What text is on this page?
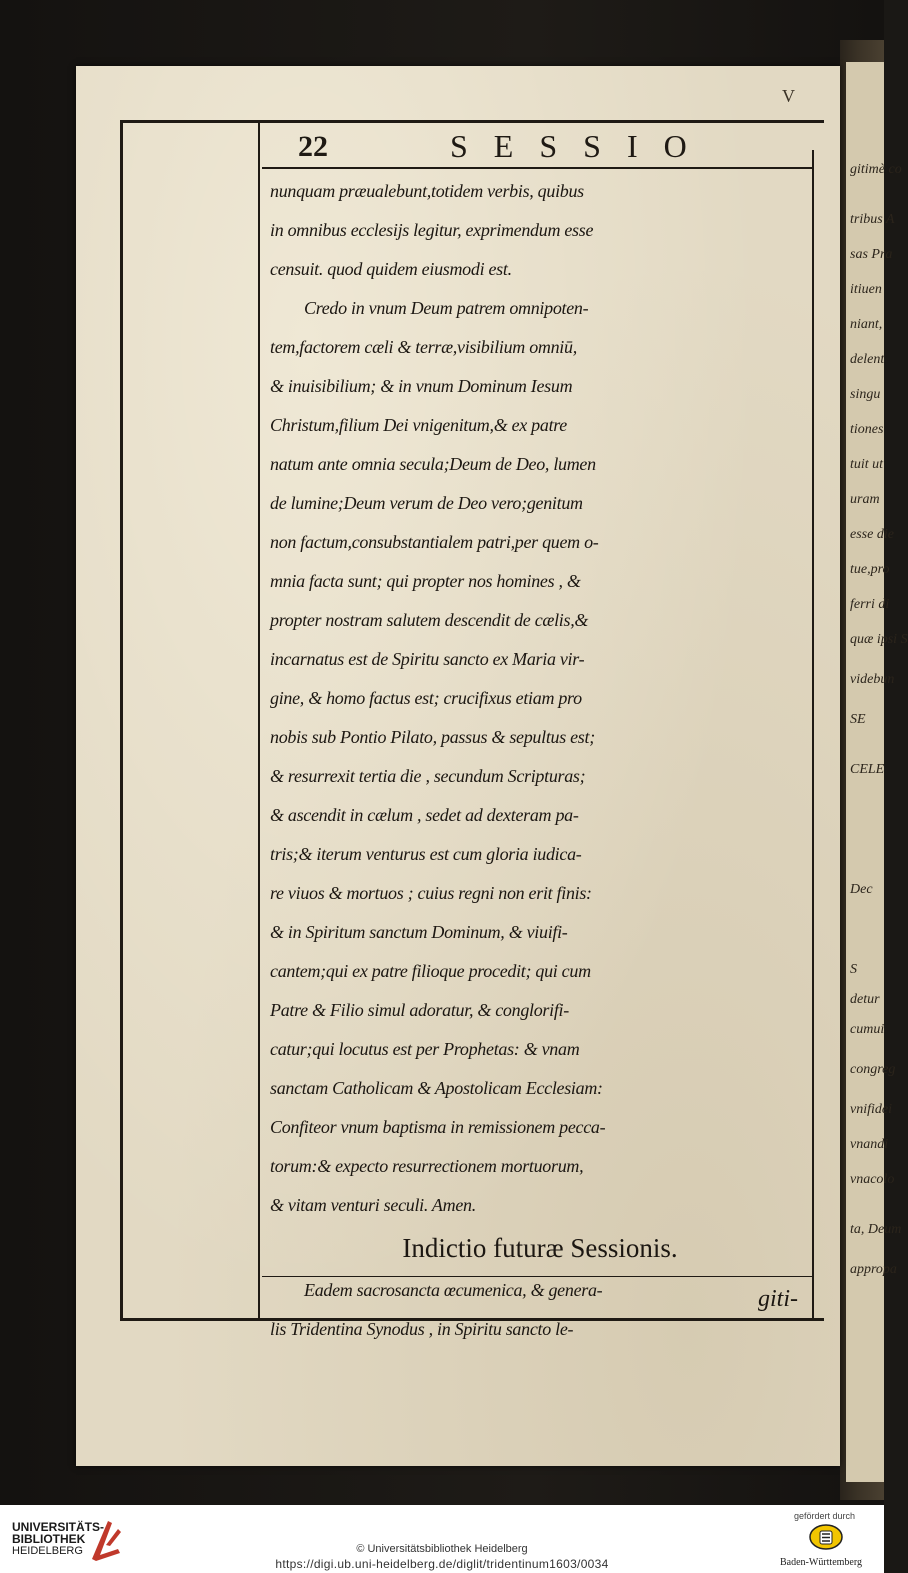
gitimè co
tribus A
sas Pra
itiuen
niant,
delent
singu
tiones
tuit ut
uram
esse die
tue,pro
ferri di
quæ ipsi S
videbun
SE
CELE
Dec
S
detur
cumui
congreg
vnifidei
vnandi
vnacolo
ta, Deum
appropa
V
22	SESSIO
nunquam præualebunt,totidem verbis, quibus
in omnibus ecclesijs legitur, exprimendum esse
censuit. quod quidem eiusmodi est.
Credo in vnum Deum patrem omnipoten-
tem,factorem cæli & terræ,visibilium omniū,
& inuisibilium; & in vnum Dominum Iesum
Christum,filium Dei vnigenitum,& ex patre
natum ante omnia secula;Deum de Deo, lumen
de lumine;Deum verum de Deo vero;genitum
non factum,consubstantialem patri,per quem o-
mnia facta sunt; qui propter nos homines , &
propter nostram salutem descendit de cælis,&
incarnatus est de Spiritu sancto ex Maria vir-
gine, & homo factus est; crucifixus etiam pro
nobis sub Pontio Pilato, passus & sepultus est;
& resurrexit tertia die , secundum Scripturas;
& ascendit in cælum , sedet ad dexteram pa-
tris;& iterum venturus est cum gloria iudica-
re viuos & mortuos ; cuius regni non erit finis:
& in Spiritum sanctum Dominum, & viuifi-
cantem;qui ex patre filioque procedit; qui cum
Patre & Filio simul adoratur, & conglorifi-
catur;qui locutus est per Prophetas: & vnam
sanctam Catholicam & Apostolicam Ecclesiam:
Confiteor vnum baptisma in remissionem pecca-
torum:& expecto resurrectionem mortuorum,
& vitam venturi seculi. Amen.
Indictio futuræ Sessionis.
Eadem sacrosancta œcumenica, & genera-
lis Tridentina Synodus , in Spiritu sancto le-
giti-
UNIVERSITÄTS-
BIBLIOTHEK
HEIDELBERG	© Universitätsbibliothek Heidelberg
https://digi.ub.uni-heidelberg.de/diglit/tridentinum1603/0034
gefördert durch
Baden-Württemberg
